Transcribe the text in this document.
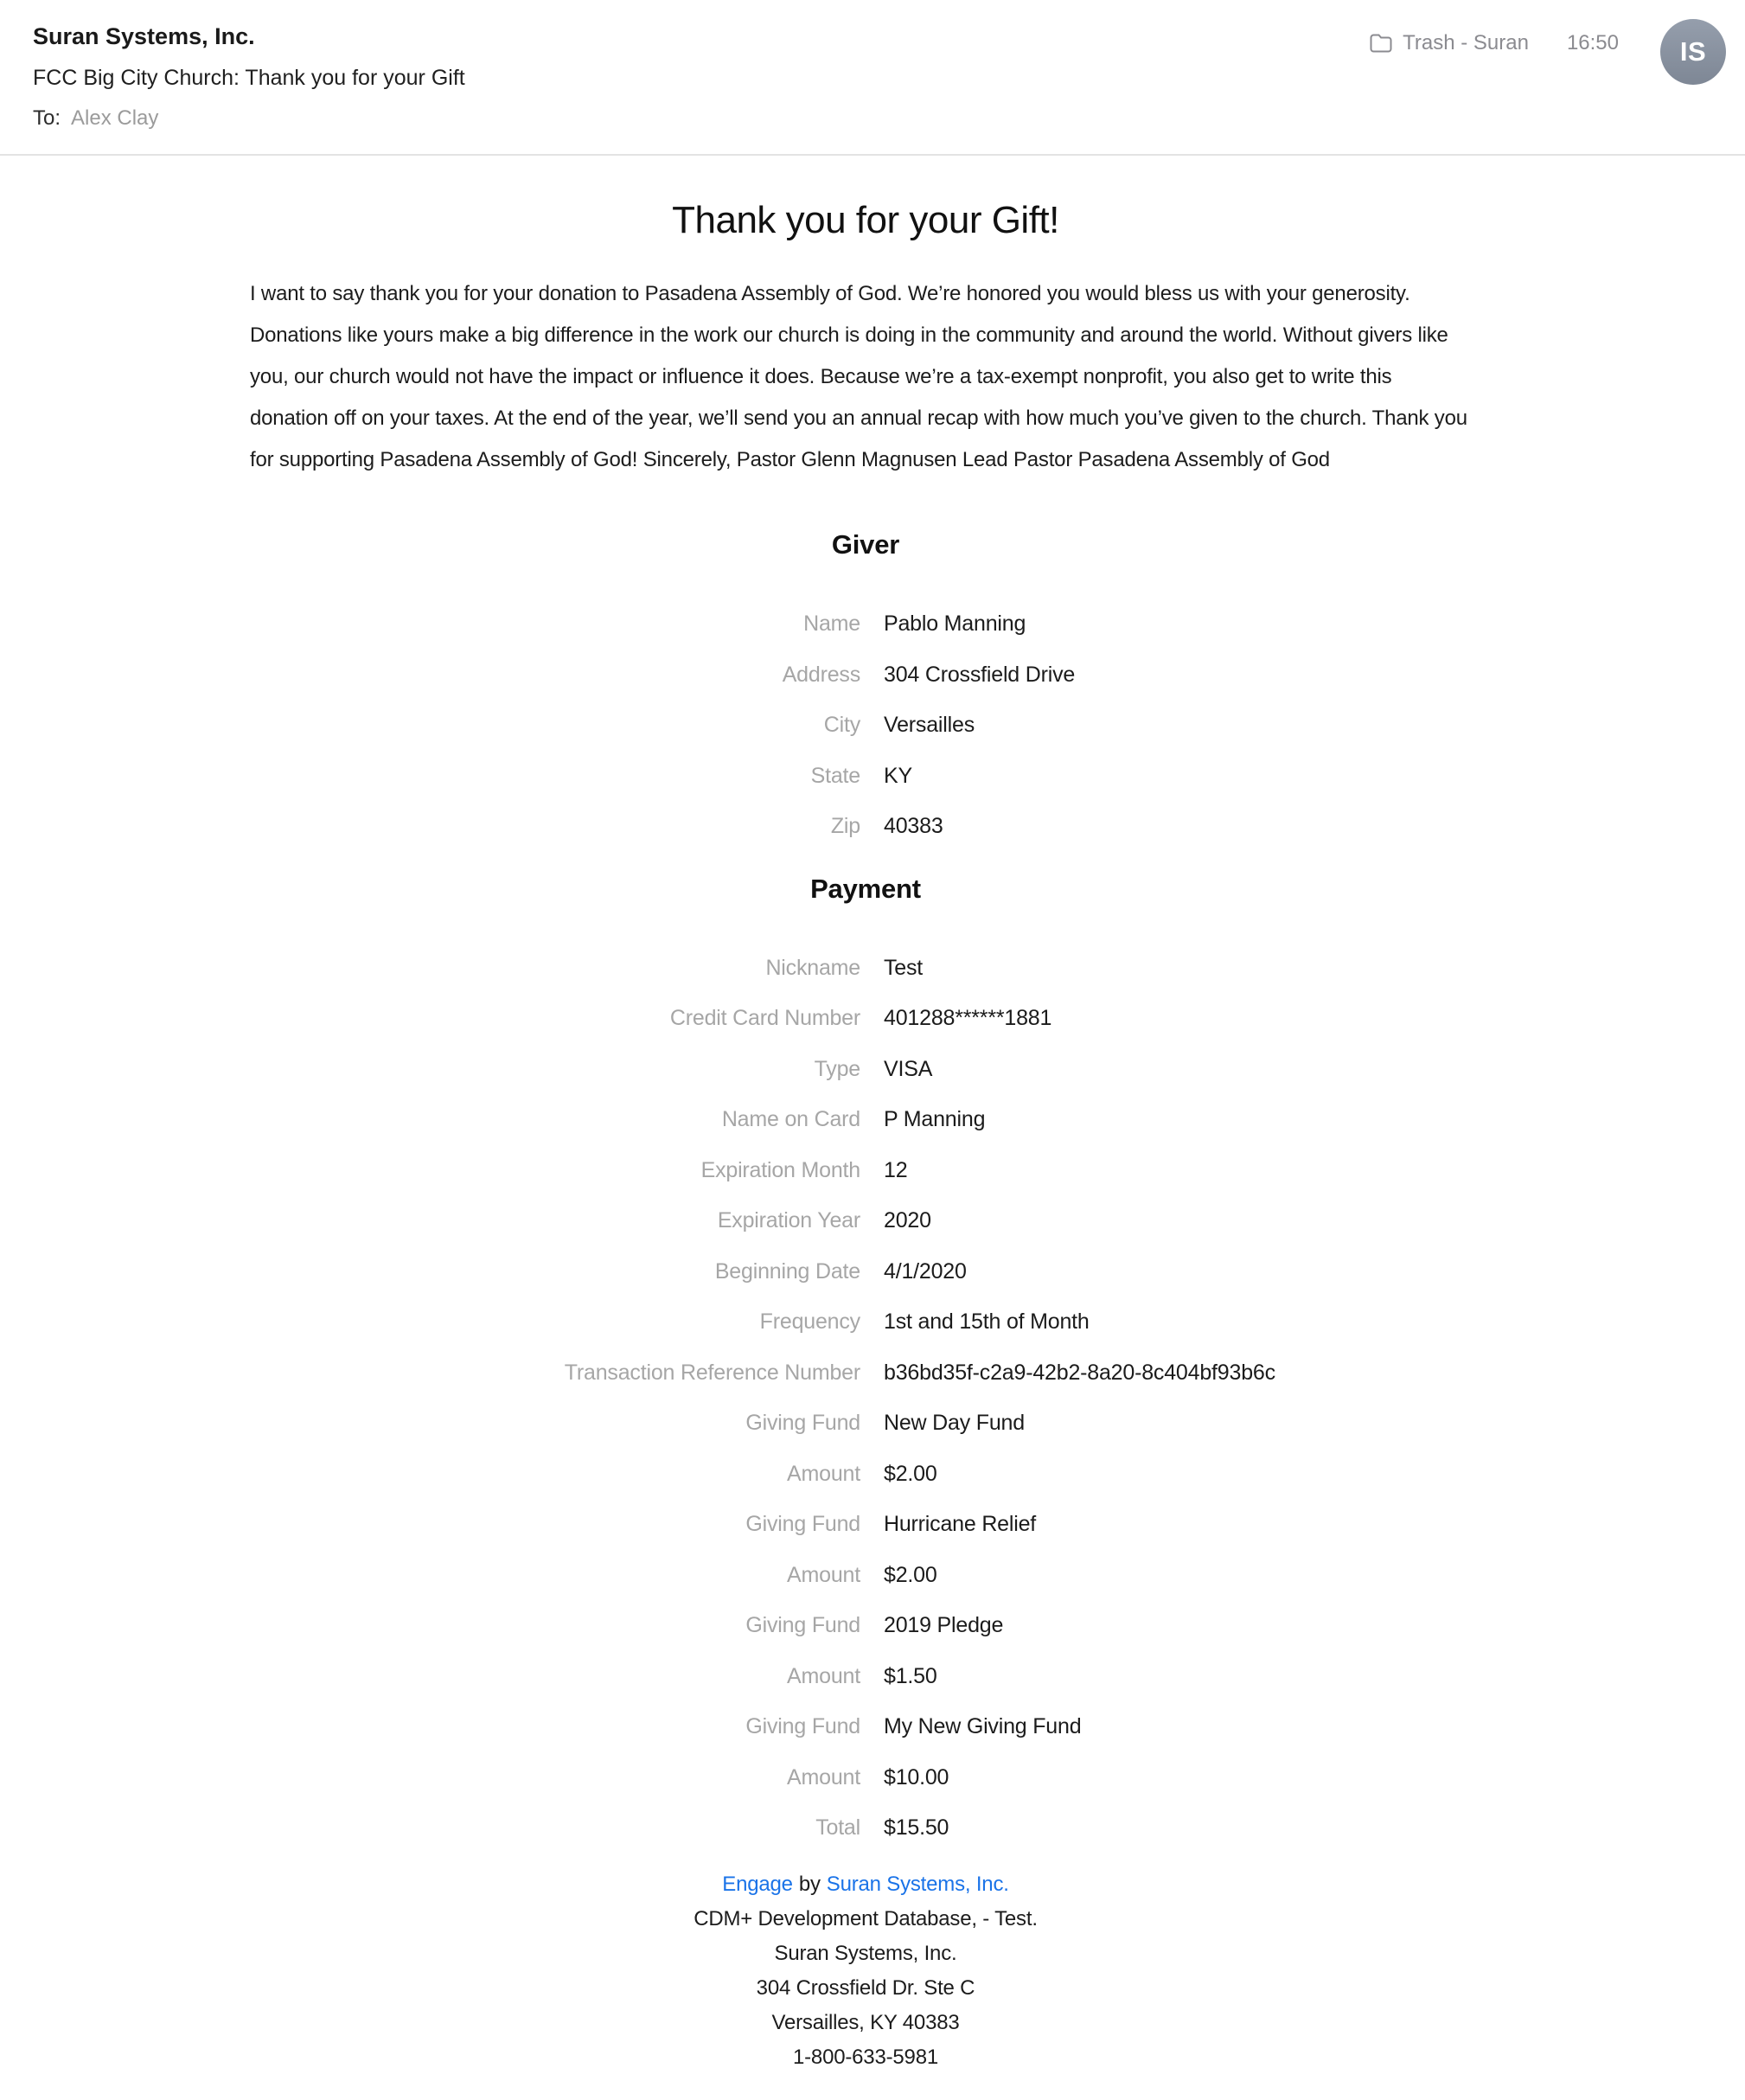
Suran Systems, Inc.
FCC Big City Church: Thank you for your Gift
To: Alex Clay
Trash - Suran 16:50	IS
Thank you for your Gift!

I want to say thank you for your donation to Pasadena Assembly of God. We’re honored you would bless us with your generosity. Donations like yours make a big difference in the work our church is doing in the community and around the world. Without givers like you, our church would not have the impact or influence it does. Because we’re a tax-exempt nonprofit, you also get to write this donation off on your taxes. At the end of the year, we’ll send you an annual recap with how much you’ve given to the church. Thank you for supporting Pasadena Assembly of God! Sincerely, Pastor Glenn Magnusen Lead Pastor Pasadena Assembly of God

Giver
Name Pablo Manning
Address 304 Crossfield Drive
City Versailles
State KY
Zip 40383
Payment
Nickname Test
Credit Card Number 401288******1881
Type VISA
Name on Card P Manning
Expiration Month 12
Expiration Year 2020
Beginning Date 4/1/2020
Frequency 1st and 15th of Month
Transaction Reference Number b36bd35f-c2a9-42b2-8a20-8c404bf93b6c
Giving Fund New Day Fund
Amount $2.00
Giving Fund Hurricane Relief
Amount $2.00
Giving Fund 2019 Pledge
Amount $1.50
Giving Fund My New Giving Fund
Amount $10.00
Total $15.50
Engage by Suran Systems, Inc.
CDM+ Development Database, - Test.
Suran Systems, Inc.
304 Crossfield Dr. Ste C
Versailles, KY 40383
1-800-633-5981
